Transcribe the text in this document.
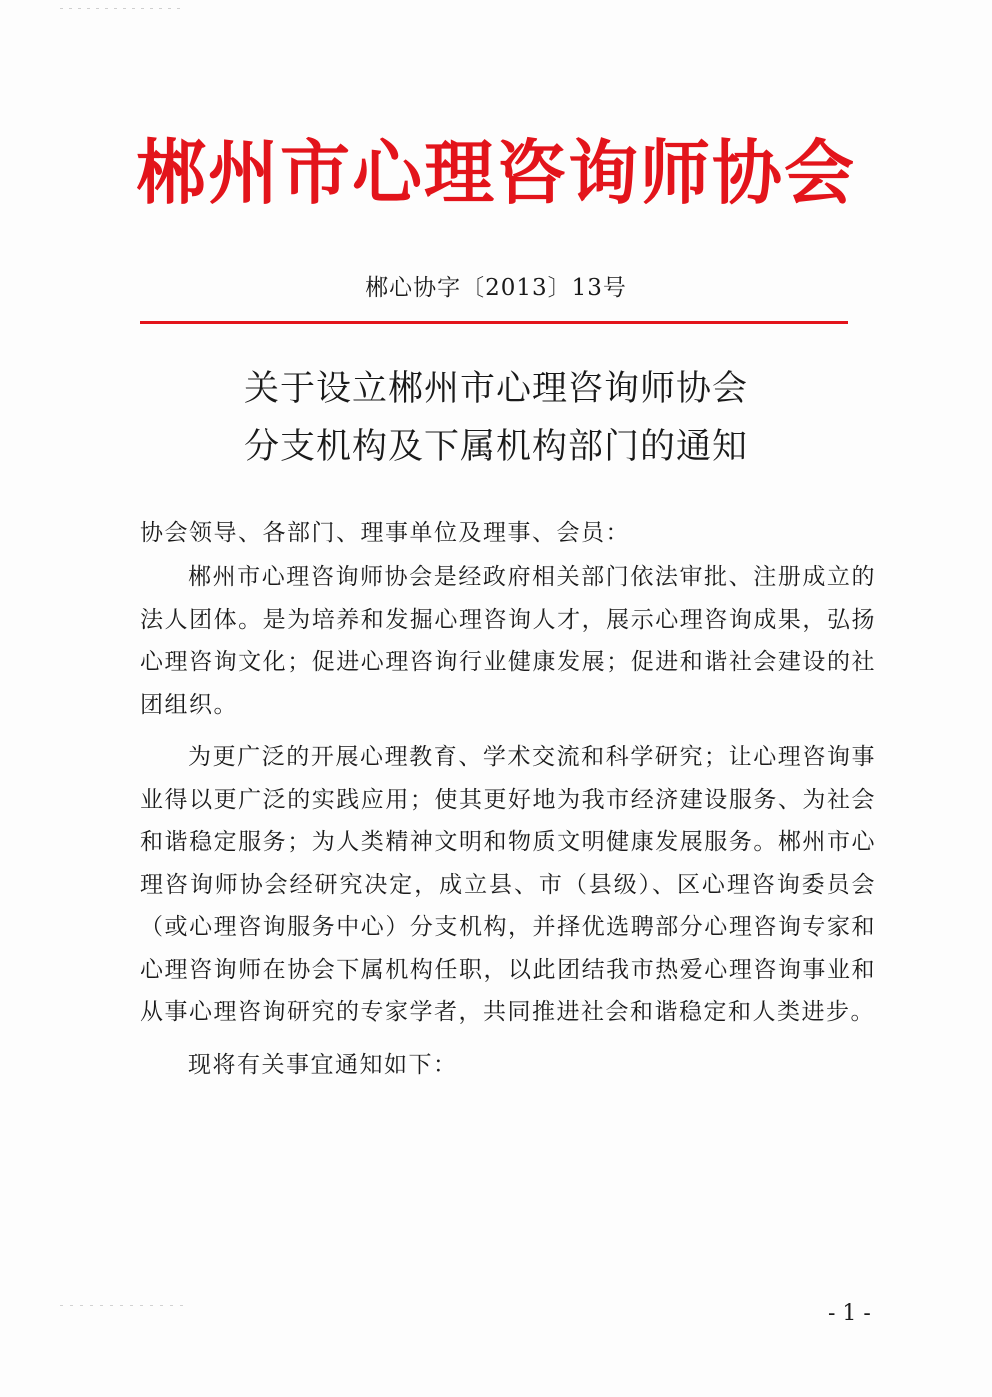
郴州市心理咨询师协会
郴心协字〔2013〕13号
关于设立郴州市心理咨询师协会
分支机构及下属机构部门的通知

协会领导、各部门、理事单位及理事、会员：

郴州市心理咨询师协会是经政府相关部门依法审批、注册成立的法人团体。是为培养和发掘心理咨询人才，展示心理咨询成果，弘扬心理咨询文化；促进心理咨询行业健康发展；促进和谐社会建设的社团组织。

为更广泛的开展心理教育、学术交流和科学研究；让心理咨询事业得以更广泛的实践应用；使其更好地为我市经济建设服务、为社会和谐稳定服务；为人类精神文明和物质文明健康发展服务。郴州市心理咨询师协会经研究决定，成立县、市（县级）、区心理咨询委员会（或心理咨询服务中心）分支机构，并择优选聘部分心理咨询专家和心理咨询师在协会下属机构任职，以此团结我市热爱心理咨询事业和从事心理咨询研究的专家学者，共同推进社会和谐稳定和人类进步。

现将有关事宜通知如下：

- 1 -
